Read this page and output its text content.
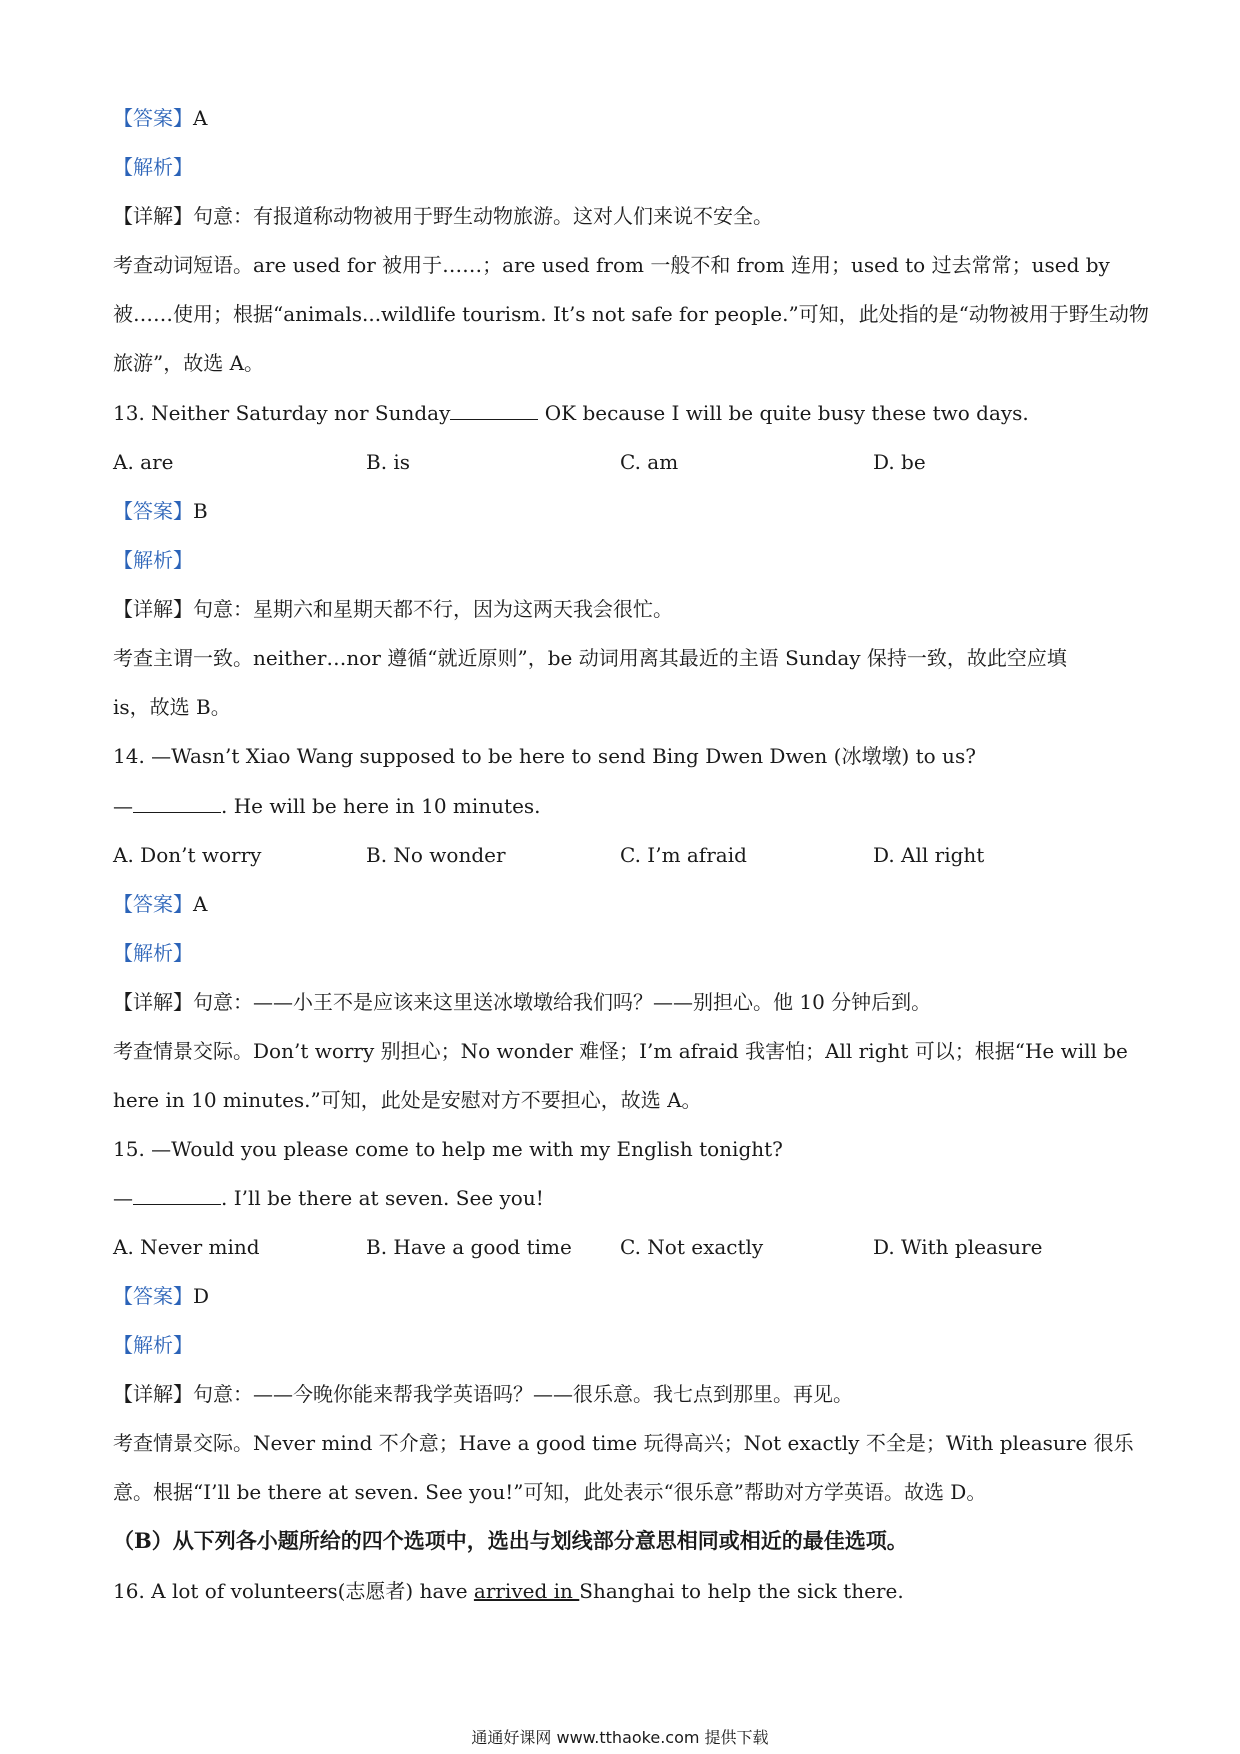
【答案】A
【解析】
【详解】句意：有报道称动物被用于野生动物旅游。这对人们来说不安全。
考查动词短语。are used for 被用于……；are used from 一般不和 from 连用；used to 过去常常；used by
被……使用；根据“animals...wildlife tourism. It’s not safe for people.”可知，此处指的是“动物被用于野生动物
旅游”，故选 A。
13. Neither Saturday nor Sunday	OK because I will be quite busy these two days.
A. are	B. is	C. am	D. be
【答案】B
【解析】
【详解】句意：星期六和星期天都不行，因为这两天我会很忙。
考查主谓一致。neither…nor 遵循“就近原则”，be 动词用离其最近的主语 Sunday 保持一致，故此空应填
is，故选 B。
14. —Wasn’t Xiao Wang supposed to be here to send Bing Dwen Dwen (冰墩墩) to us?
—	. He will be here in 10 minutes.
A. Don’t worry	B. No wonder	C. I’m afraid	D. All right
【答案】A
【解析】
【详解】句意：——小王不是应该来这里送冰墩墩给我们吗？——别担心。他 10 分钟后到。
考查情景交际。Don’t worry 别担心；No wonder 难怪；I’m afraid 我害怕；All right 可以；根据“He will be
here in 10 minutes.”可知，此处是安慰对方不要担心，故选 A。
15. —Would you please come to help me with my English tonight?
—	. I’ll be there at seven. See you!
A. Never mind	B. Have a good time C. Not exactly	D. With pleasure
【答案】D
【解析】
【详解】句意：——今晚你能来帮我学英语吗？——很乐意。我七点到那里。再见。
考查情景交际。Never mind 不介意；Have a good time 玩得高兴；Not exactly 不全是；With pleasure 很乐
意。根据“I’ll be there at seven. See you!”可知，此处表示“很乐意”帮助对方学英语。故选 D。
（B）从下列各小题所给的四个选项中，选出与划线部分意思相同或相近的最佳选项。
16. A lot of volunteers(志愿者) have arrived in Shanghai to help the sick there.
通通好课网 www.tthaoke.com 提供下载
